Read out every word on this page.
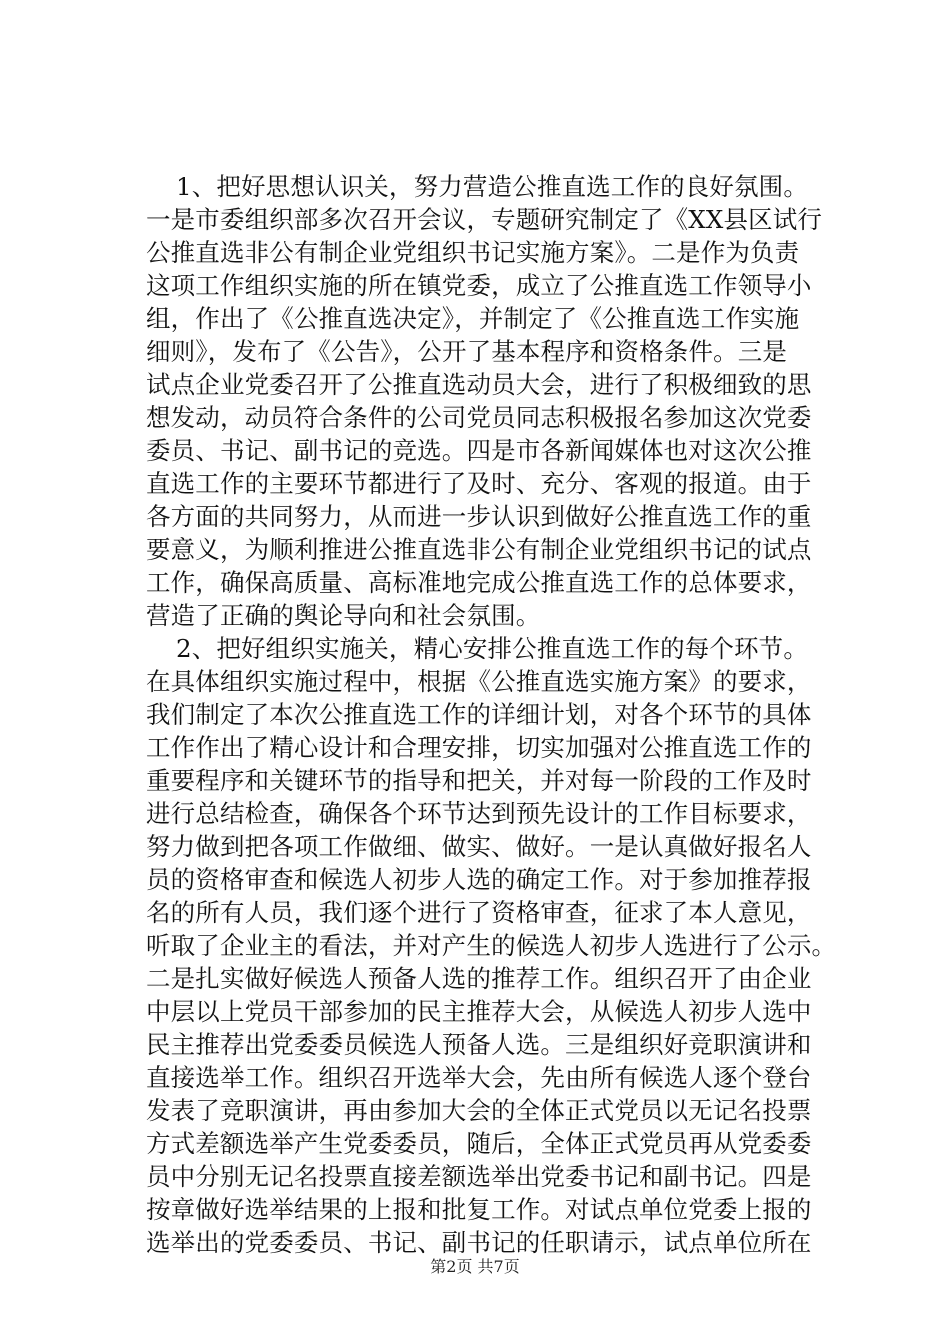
1、把好思想认识关，努力营造公推直选工作的良好氛围。
一是市委组织部多次召开会议，专题研究制定了《XX县区试行
公推直选非公有制企业党组织书记实施方案》。二是作为负责
这项工作组织实施的所在镇党委，成立了公推直选工作领导小
组，作出了《公推直选决定》，并制定了《公推直选工作实施
细则》，发布了《公告》，公开了基本程序和资格条件。三是
试点企业党委召开了公推直选动员大会，进行了积极细致的思
想发动，动员符合条件的公司党员同志积极报名参加这次党委
委员、书记、副书记的竞选。四是市各新闻媒体也对这次公推
直选工作的主要环节都进行了及时、充分、客观的报道。由于
各方面的共同努力，从而进一步认识到做好公推直选工作的重
要意义，为顺利推进公推直选非公有制企业党组织书记的试点
工作，确保高质量、高标准地完成公推直选工作的总体要求，
营造了正确的舆论导向和社会氛围。
2、把好组织实施关，精心安排公推直选工作的每个环节。
在具体组织实施过程中，根据《公推直选实施方案》的要求，
我们制定了本次公推直选工作的详细计划，对各个环节的具体
工作作出了精心设计和合理安排，切实加强对公推直选工作的
重要程序和关键环节的指导和把关，并对每一阶段的工作及时
进行总结检查，确保各个环节达到预先设计的工作目标要求，
努力做到把各项工作做细、做实、做好。一是认真做好报名人
员的资格审查和候选人初步人选的确定工作。对于参加推荐报
名的所有人员，我们逐个进行了资格审查，征求了本人意见，
听取了企业主的看法，并对产生的候选人初步人选进行了公示。
二是扎实做好候选人预备人选的推荐工作。组织召开了由企业
中层以上党员干部参加的民主推荐大会，从候选人初步人选中
民主推荐出党委委员候选人预备人选。三是组织好竞职演讲和
直接选举工作。组织召开选举大会，先由所有候选人逐个登台
发表了竞职演讲，再由参加大会的全体正式党员以无记名投票
方式差额选举产生党委委员，随后，全体正式党员再从党委委
员中分别无记名投票直接差额选举出党委书记和副书记。四是
按章做好选举结果的上报和批复工作。对试点单位党委上报的
选举出的党委委员、书记、副书记的任职请示，试点单位所在
第2页 共7页
